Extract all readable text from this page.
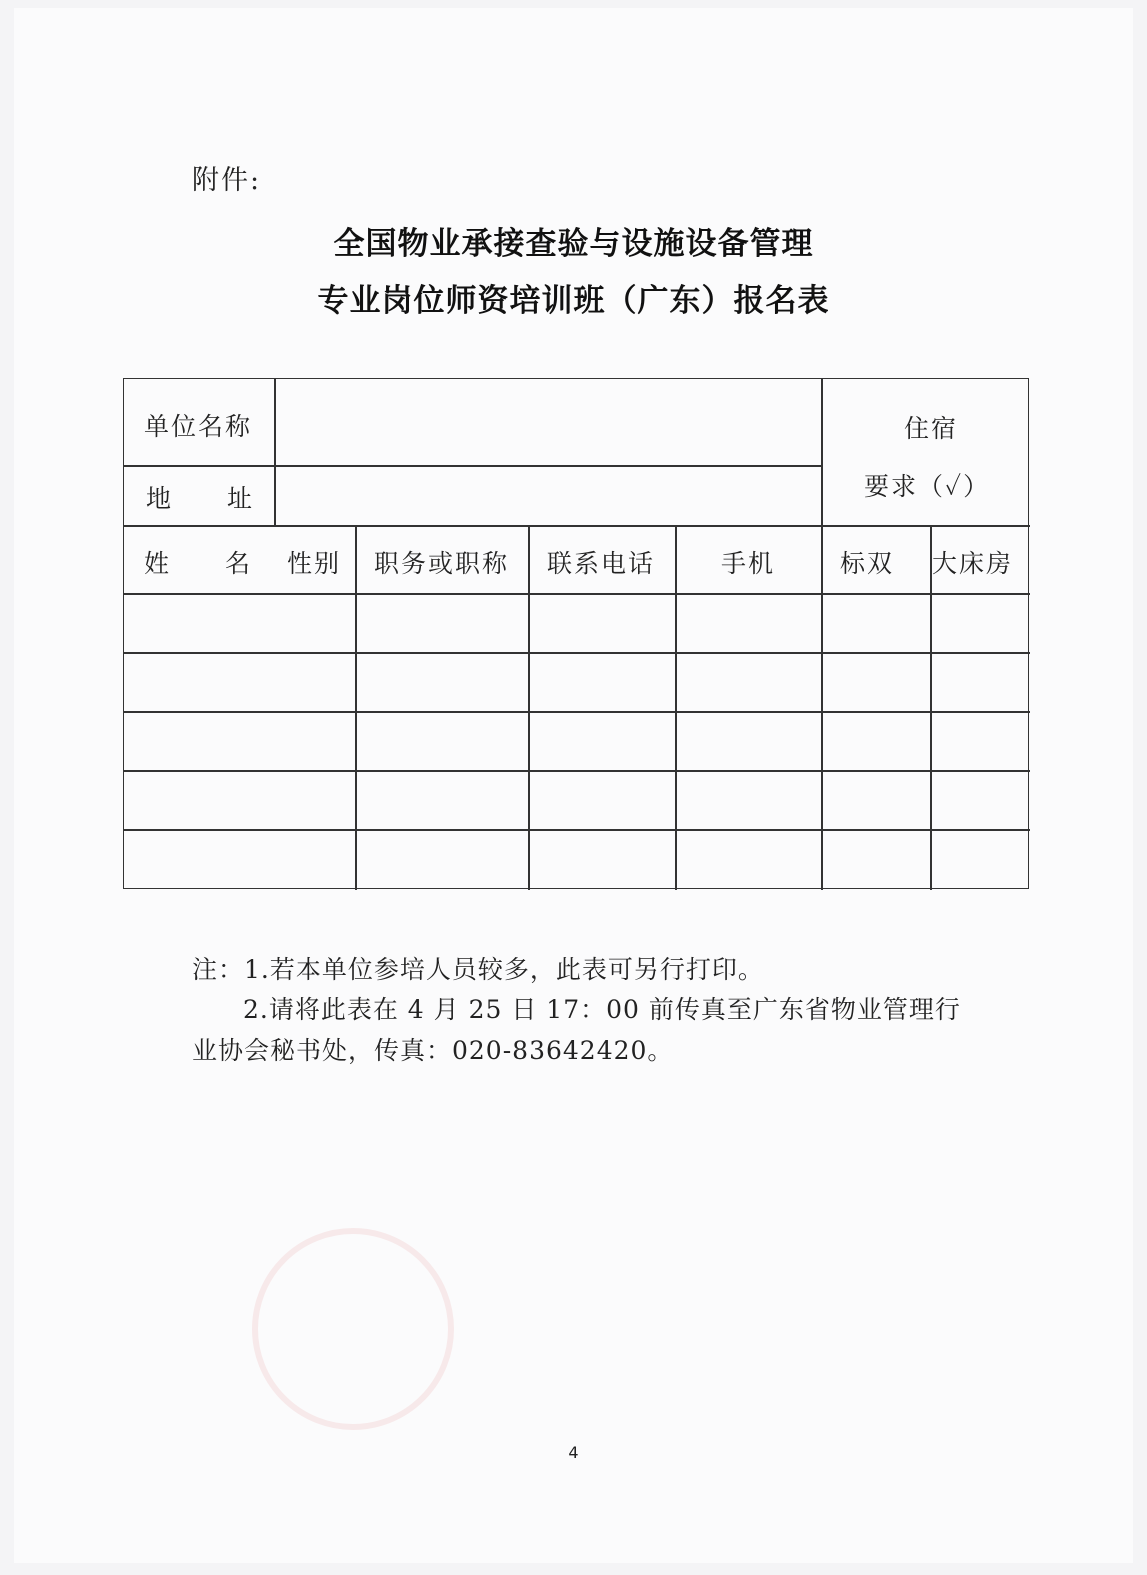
附件:
全国物业承接查验与设施设备管理
专业岗位师资培训班（广东）报名表
单位名称
地　　址
住宿
要求（✓）
姓　　名 性别 职务或职称 联系电话	手机	标双 大床房
注：1.若本单位参培人员较多，此表可另行打印。
2.请将此表在 4 月 25 日 17：00 前传真至广东省物业管理行
业协会秘书处，传真：020-83642420。
4
